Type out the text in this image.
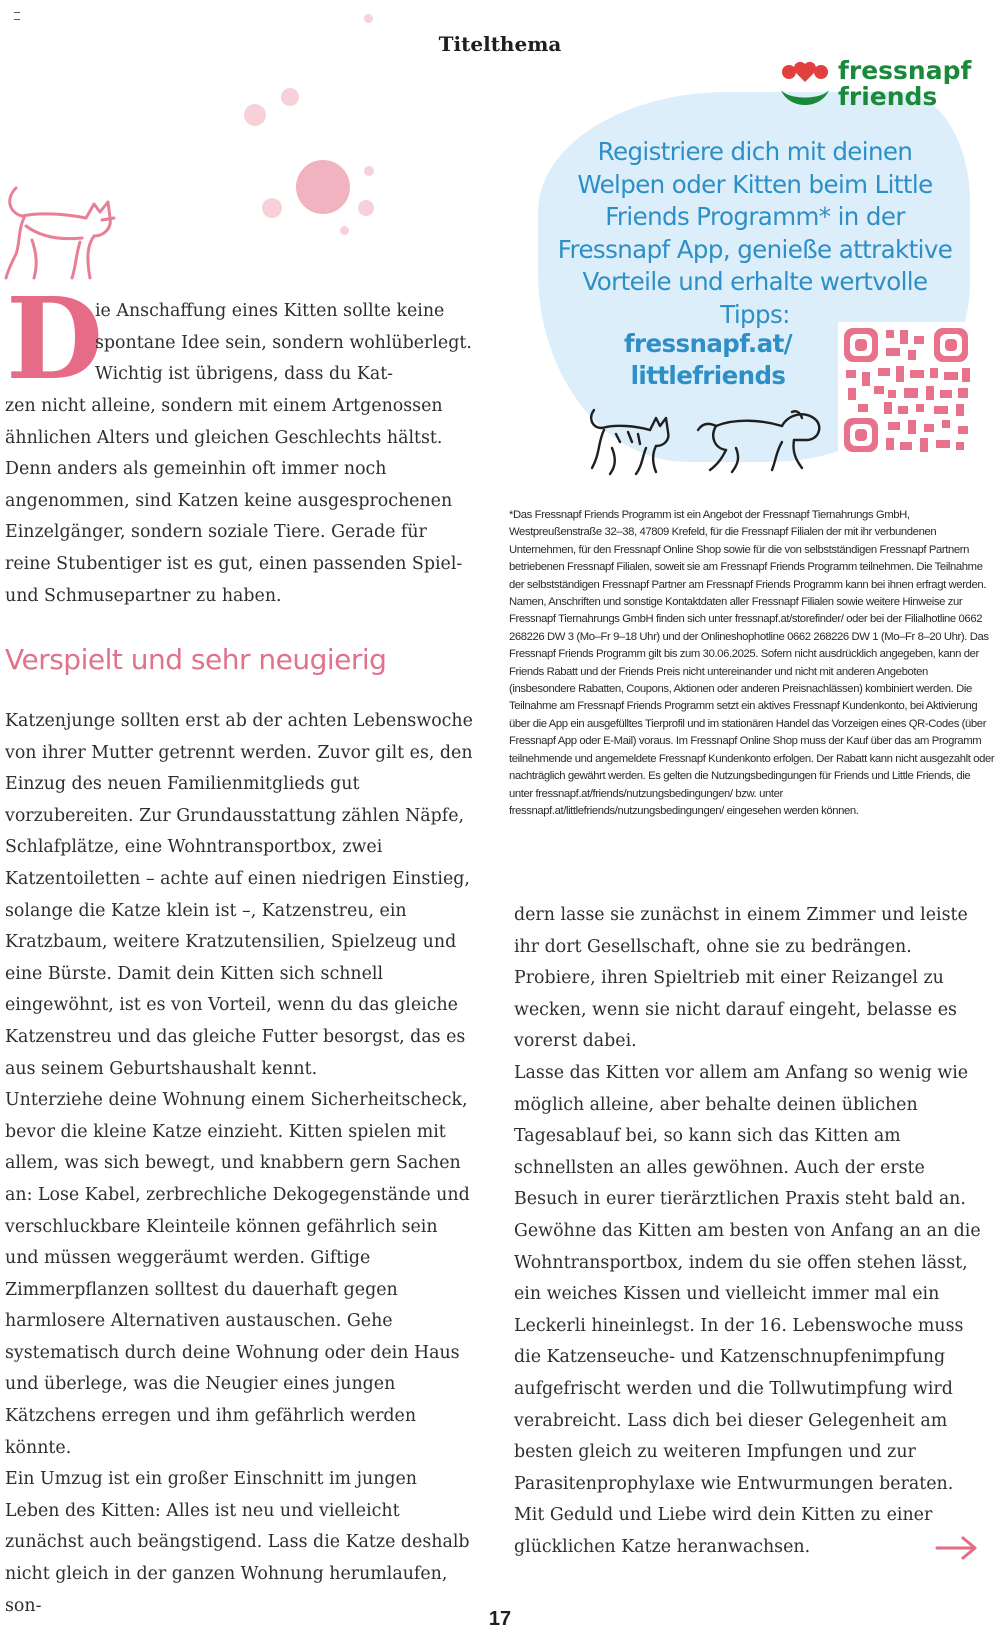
Titelthema
D
ie Anschaffung eines Kitten sollte keine spontane Idee sein, sondern wohlüberlegt. Wichtig ist übrigens, dass du Kat-
zen nicht alleine, sondern mit einem Artgenossen ähnlichen Alters und gleichen Geschlechts hältst. Denn anders als gemeinhin oft immer noch angenommen, sind Katzen keine ausgesprochenen Einzelgänger, sondern soziale Tiere. Gerade für reine Stubentiger ist es gut, einen passenden Spiel- und Schmusepartner zu haben.
Verspielt und sehr neugierig

Katzenjunge sollten erst ab der achten Lebenswoche von ihrer Mutter getrennt werden. Zuvor gilt es, den Einzug des neuen Familienmitglieds gut vorzubereiten. Zur Grundausstattung zählen Näpfe, Schlafplätze, eine Wohntransportbox, zwei Katzentoiletten – achte auf einen niedrigen Einstieg, solange die Katze klein ist –, Katzenstreu, ein Kratzbaum, weitere Kratzutensilien, Spielzeug und eine Bürste. Damit dein Kitten sich schnell eingewöhnt, ist es von Vorteil, wenn du das gleiche Katzenstreu und das gleiche Futter besorgst, das es aus seinem Geburtshaushalt kennt.

Unterziehe deine Wohnung einem Sicherheitscheck, bevor die kleine Katze einzieht. Kitten spielen mit allem, was sich bewegt, und knabbern gern Sachen an: Lose Kabel, zerbrechliche Dekogegenstände und verschluckbare Kleinteile können gefährlich sein und müssen weggeräumt werden. Giftige Zimmerpflanzen solltest du dauerhaft gegen harmlosere Alternativen austauschen. Gehe systematisch durch deine Wohnung oder dein Haus und überlege, was die Neugier eines jungen Kätzchens erregen und ihm gefährlich werden könnte.

Ein Umzug ist ein großer Einschnitt im jungen Leben des Kitten: Alles ist neu und vielleicht zunächst auch beängstigend. Lass die Katze deshalb nicht gleich in der ganzen Wohnung herumlaufen, son-

fressnapf
friends
Registriere dich mit deinen Welpen oder Kitten beim Little Friends Programm* in der Fressnapf App, genieße attraktive Vorteile und erhalte wertvolle Tipps:
fressnapf.at/
littlefriends
*Das Fressnapf Friends Programm ist ein Angebot der Fressnapf Tiernahrungs GmbH, Westpreußenstraße 32–38, 47809 Krefeld, für die Fressnapf Filialen der mit ihr verbundenen Unternehmen, für den Fressnapf Online Shop sowie für die von selbstständigen Fressnapf Partnern betriebenen Fressnapf Filialen, soweit sie am Fressnapf Friends Programm teilnehmen. Die Teilnahme der selbstständigen Fressnapf Partner am Fressnapf Friends Programm kann bei ihnen erfragt werden. Namen, Anschriften und sonstige Kontaktdaten aller Fressnapf Filialen sowie weitere Hinweise zur Fressnapf Tiernahrungs GmbH finden sich unter fressnapf.at/storefinder/ oder bei der Filialhotline 0662 268226 DW 3 (Mo–Fr 9–18 Uhr) und der Onlineshophotline 0662 268226 DW 1 (Mo–Fr 8–20 Uhr). Das Fressnapf Friends Programm gilt bis zum 30.06.2025. Sofern nicht ausdrücklich angegeben, kann der Friends Rabatt und der Friends Preis nicht untereinander und nicht mit anderen Angeboten (insbesondere Rabatten, Coupons, Aktionen oder anderen Preisnachlässen) kombiniert werden. Die Teilnahme am Fressnapf Friends Programm setzt ein aktives Fressnapf Kundenkonto, bei Aktivierung über die App ein ausgefülltes Tierprofil und im stationären Handel das Vorzeigen eines QR-Codes (über Fressnapf App oder E-Mail) voraus. Im Fressnapf Online Shop muss der Kauf über das am Programm teilnehmende und angemeldete Fressnapf Kundenkonto erfolgen. Der Rabatt kann nicht ausgezahlt oder nachträglich gewährt werden. Es gelten die Nutzungsbedingungen für Friends und Little Friends, die unter fressnapf.at/friends/nutzungsbedingungen/ bzw. unter fressnapf.at/littlefriends/nutzungsbedingungen/ eingesehen werden können.

dern lasse sie zunächst in einem Zimmer und leiste ihr dort Gesellschaft, ohne sie zu bedrängen. Probiere, ihren Spieltrieb mit einer Reizangel zu wecken, wenn sie nicht darauf eingeht, belasse es vorerst dabei.

Lasse das Kitten vor allem am Anfang so wenig wie möglich alleine, aber behalte deinen üblichen Tagesablauf bei, so kann sich das Kitten am schnellsten an alles gewöhnen. Auch der erste Besuch in eurer tierärztlichen Praxis steht bald an. Gewöhne das Kitten am besten von Anfang an an die Wohntransportbox, indem du sie offen stehen lässt, ein weiches Kissen und vielleicht immer mal ein Leckerli hineinlegst. In der 16. Lebenswoche muss die Katzenseuche- und Katzenschnupfenimpfung aufgefrischt werden und die Tollwutimpfung wird verabreicht. Lass dich bei dieser Gelegenheit am besten gleich zu weiteren Impfungen und zur Parasitenprophylaxe wie Entwurmungen beraten. Mit Geduld und Liebe wird dein Kitten zu einer glücklichen Katze heranwachsen.

17
